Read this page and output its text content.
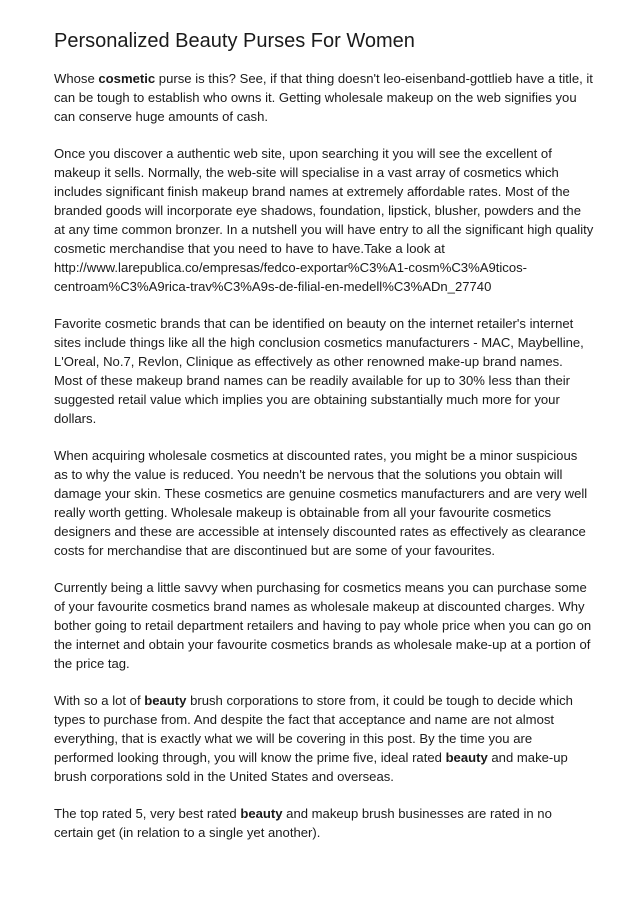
Personalized Beauty Purses For Women

Whose cosmetic purse is this? See, if that thing doesn't leo-eisenband-gottlieb have a title, it
can be tough to establish who owns it. Getting wholesale makeup on the web signifies you
can conserve huge amounts of cash.

Once you discover a authentic web site, upon searching it you will see the excellent of
makeup it sells. Normally, the web-site will specialise in a vast array of cosmetics which
includes significant finish makeup brand names at extremely affordable rates. Most of the
branded goods will incorporate eye shadows, foundation, lipstick, blusher, powders and the
at any time common bronzer. In a nutshell you will have entry to all the significant high quality
cosmetic merchandise that you need to have to have.Take a look at
http://www.larepublica.co/empresas/fedco-exportar%C3%A1-cosm%C3%A9ticos-
centroam%C3%A9rica-trav%C3%A9s-de-filial-en-medell%C3%ADn_27740

Favorite cosmetic brands that can be identified on beauty on the internet retailer's internet
sites include things like all the high conclusion cosmetics manufacturers - MAC, Maybelline,
L'Oreal, No.7, Revlon, Clinique as effectively as other renowned make-up brand names.
Most of these makeup brand names can be readily available for up to 30% less than their
suggested retail value which implies you are obtaining substantially much more for your
dollars.

When acquiring wholesale cosmetics at discounted rates, you might be a minor suspicious
as to why the value is reduced. You needn't be nervous that the solutions you obtain will
damage your skin. These cosmetics are genuine cosmetics manufacturers and are very well
really worth getting. Wholesale makeup is obtainable from all your favourite cosmetics
designers and these are accessible at intensely discounted rates as effectively as clearance
costs for merchandise that are discontinued but are some of your favourites.

Currently being a little savvy when purchasing for cosmetics means you can purchase some
of your favourite cosmetics brand names as wholesale makeup at discounted charges. Why
bother going to retail department retailers and having to pay whole price when you can go on
the internet and obtain your favourite cosmetics brands as wholesale make-up at a portion of
the price tag.

With so a lot of beauty brush corporations to store from, it could be tough to decide which
types to purchase from. And despite the fact that acceptance and name are not almost
everything, that is exactly what we will be covering in this post. By the time you are
performed looking through, you will know the prime five, ideal rated beauty and make-up
brush corporations sold in the United States and overseas.

The top rated 5, very best rated beauty and makeup brush businesses are rated in no
certain get (in relation to a single yet another).
